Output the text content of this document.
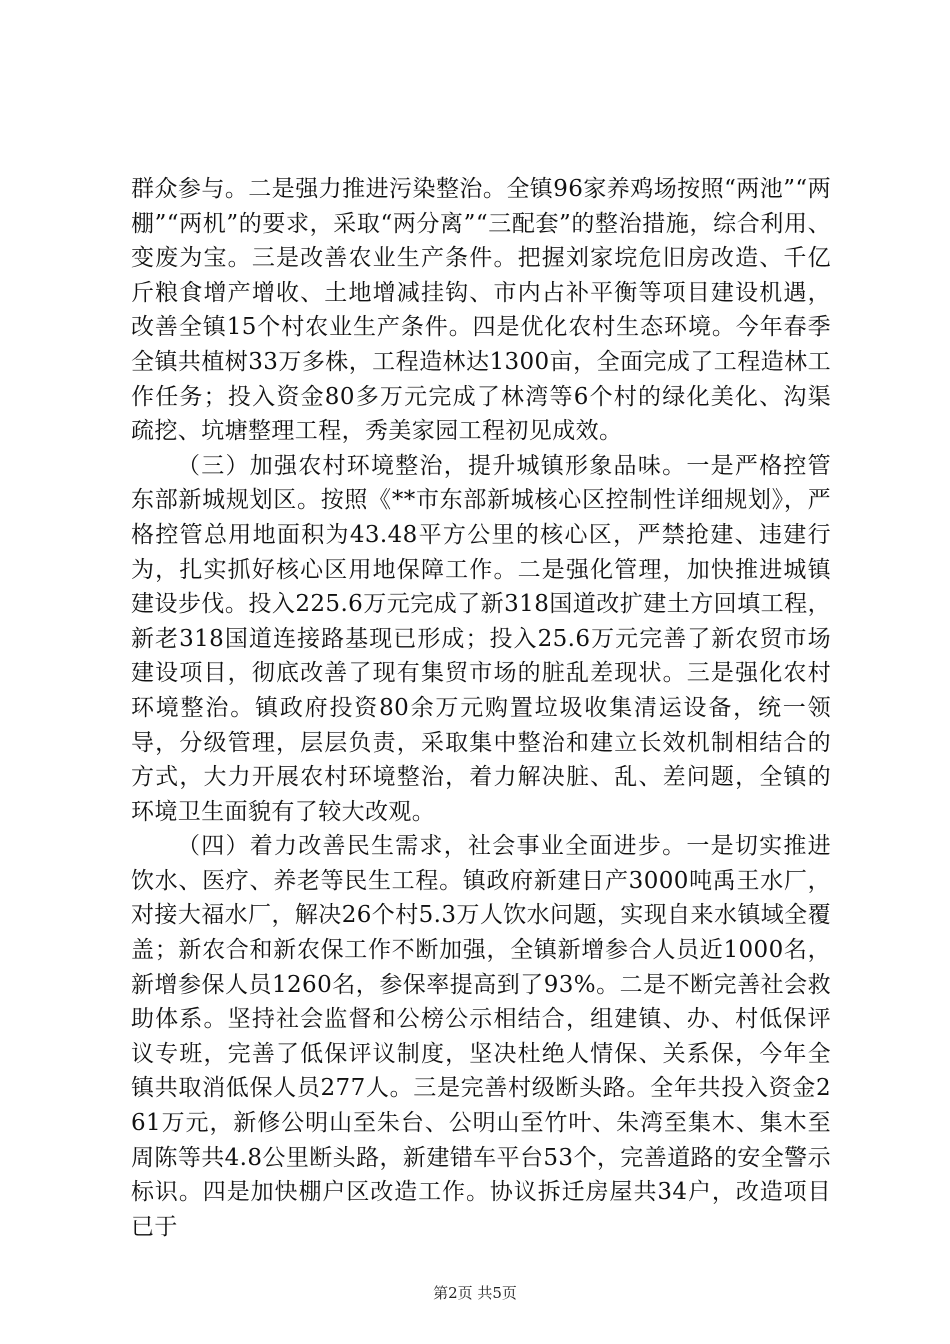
群众参与。二是强力推进污染整治。全镇96家养鸡场按照“两池”“两棚”“两机”的要求，采取“两分离”“三配套”的整治措施，综合利用、变废为宝。三是改善农业生产条件。把握刘家垸危旧房改造、千亿斤粮食增产增收、土地增减挂钩、市内占补平衡等项目建设机遇，改善全镇15个村农业生产条件。四是优化农村生态环境。今年春季全镇共植树33万多株，工程造林达1300亩，全面完成了工程造林工作任务；投入资金80多万元完成了林湾等6个村的绿化美化、沟渠疏挖、坑塘整理工程，秀美家园工程初见成效。

（三）加强农村环境整治，提升城镇形象品味。一是严格控管东部新城规划区。按照《**市东部新城核心区控制性详细规划》，严格控管总用地面积为43.48平方公里的核心区，严禁抢建、违建行为，扎实抓好核心区用地保障工作。二是强化管理，加快推进城镇建设步伐。投入225.6万元完成了新318国道改扩建土方回填工程，新老318国道连接路基现已形成；投入25.6万元完善了新农贸市场建设项目，彻底改善了现有集贸市场的脏乱差现状。三是强化农村环境整治。镇政府投资80余万元购置垃圾收集清运设备，统一领导，分级管理，层层负责，采取集中整治和建立长效机制相结合的方式，大力开展农村环境整治，着力解决脏、乱、差问题，全镇的环境卫生面貌有了较大改观。

（四）着力改善民生需求，社会事业全面进步。一是切实推进饮水、医疗、养老等民生工程。镇政府新建日产3000吨禹王水厂，对接大福水厂，解决26个村5.3万人饮水问题，实现自来水镇域全覆盖；新农合和新农保工作不断加强，全镇新增参合人员近1000名，新增参保人员1260名，参保率提高到了93%。二是不断完善社会救助体系。坚持社会监督和公榜公示相结合，组建镇、办、村低保评议专班，完善了低保评议制度，坚决杜绝人情保、关系保，今年全镇共取消低保人员277人。三是完善村级断头路。全年共投入资金261万元，新修公明山至朱台、公明山至竹叶、朱湾至集木、集木至周陈等共4.8公里断头路，新建错车平台53个，完善道路的安全警示标识。四是加快棚户区改造工作。协议拆迁房屋共34户，改造项目已于

第2页 共5页
